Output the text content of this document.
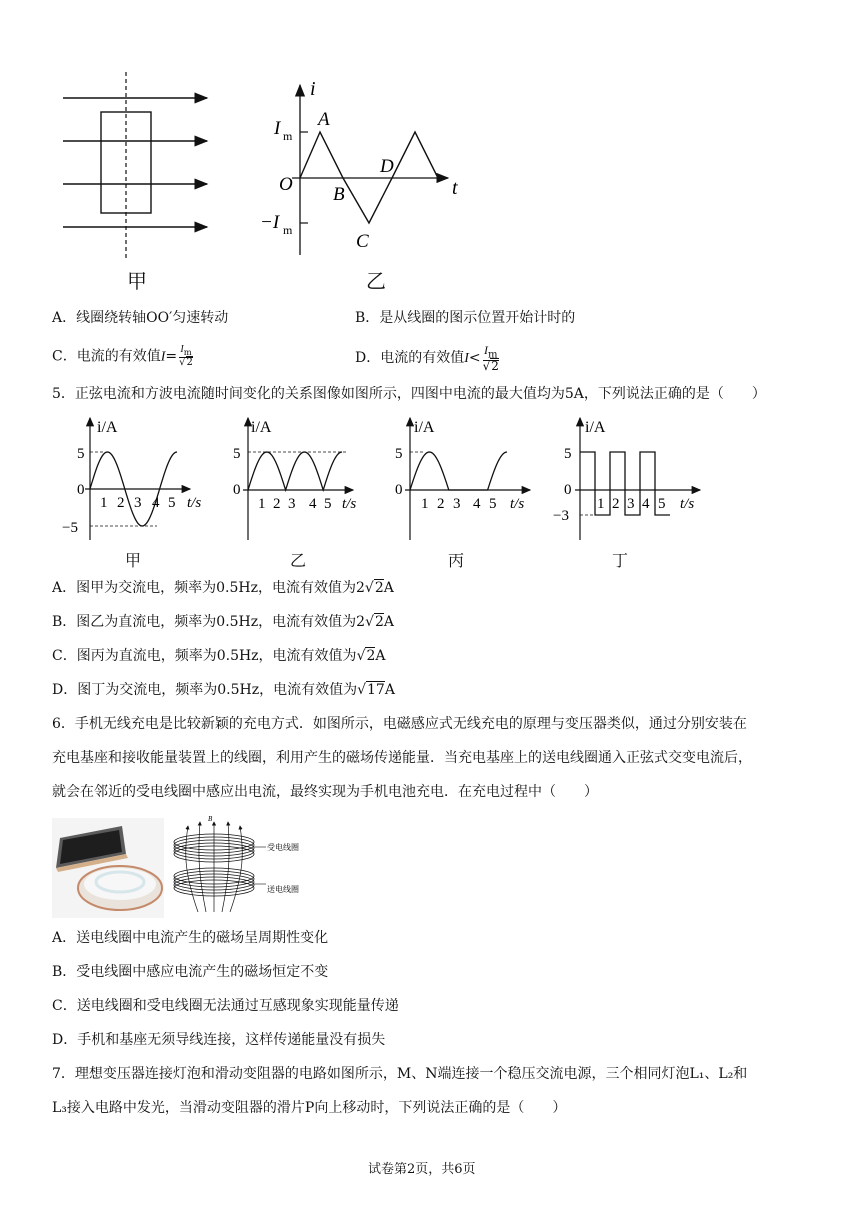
甲
i
t
I m
A
O B
D
−I m
C
乙
A．线圈绕转轴OO′匀速转动	B．是从线圈的图示位置开始计时的
C．电流的有效值$I= \frac{I_m}{√2}$	D．电流的有效值$I< \frac{I_m}{√2}$
5．正弦电流和方波电流随时间变化的关系图像如图所示，四图中电流的最大值均为5A，下列说法正确的是（　　）
i/A
5
0
−5
1 2 3 4 5 t/s
甲
i/A
5
0
1 2 3 4 5 t/s
乙
i/A
5
0
1 2 3 4 5 t/s
丙
i/A
5
0
−3
1 2 3 4 5 t/s
丁
A．图甲为交流电，频率为0.5Hz，电流有效值为2√2A
B．图乙为直流电，频率为0.5Hz，电流有效值为2√2A
C．图丙为直流电，频率为0.5Hz，电流有效值为√2A
D．图丁为交流电，频率为0.5Hz，电流有效值为√17A
6．手机无线充电是比较新颖的充电方式．如图所示，电磁感应式无线充电的原理与变压器类似，通过分别安装在
充电基座和接收能量装置上的线圈，利用产生的磁场传递能量．当充电基座上的送电线圈通入正弦式交变电流后，
就会在邻近的受电线圈中感应出电流，最终实现为手机电池充电．在充电过程中（　　）
B
受电线圈
送电线圈
A．送电线圈中电流产生的磁场呈周期性变化
B．受电线圈中感应电流产生的磁场恒定不变
C．送电线圈和受电线圈无法通过互感现象实现能量传递
D．手机和基座无须导线连接，这样传递能量没有损失
7．理想变压器连接灯泡和滑动变阻器的电路如图所示，M、N端连接一个稳压交流电源，三个相同灯泡L₁、L₂和
L₃接入电路中发光，当滑动变阻器的滑片P向上移动时，下列说法正确的是（　　）
试卷第2页，共6页
